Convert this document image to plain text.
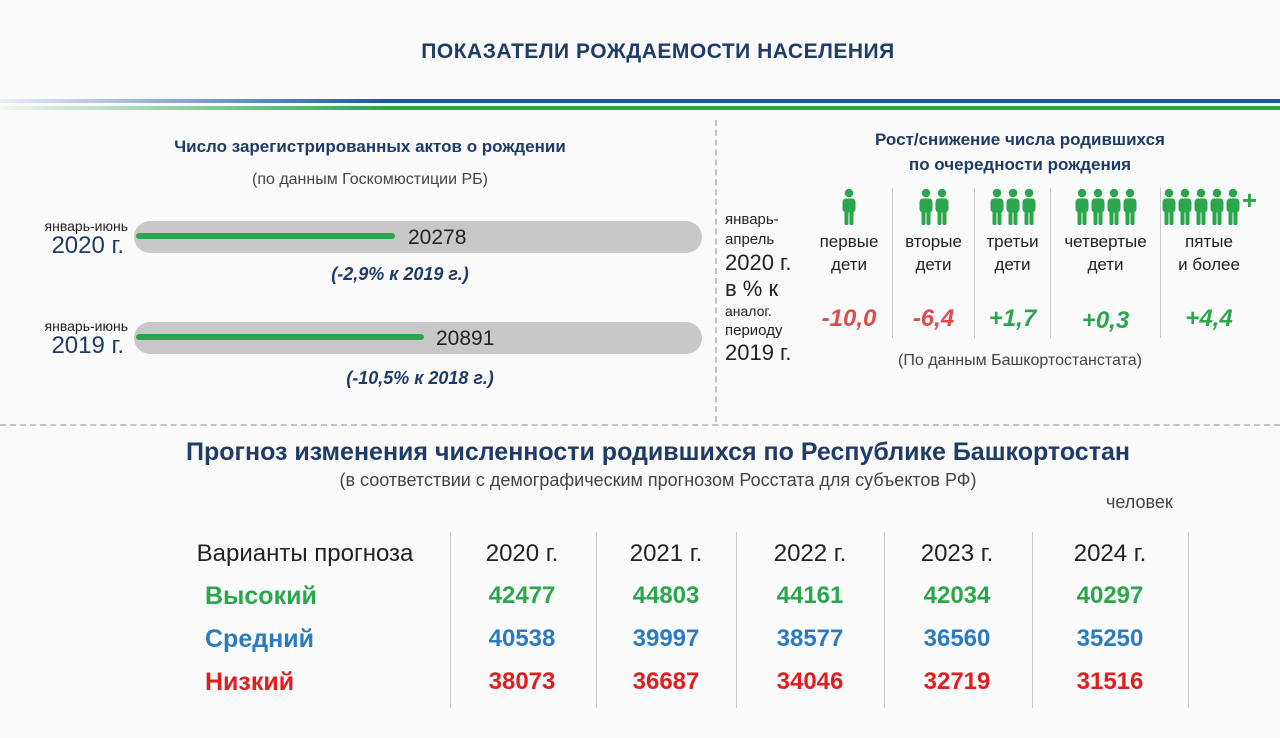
ПОКАЗАТЕЛИ РОЖДАЕМОСТИ НАСЕЛЕНИЯ
Число зарегистрированных актов о рождении
(по данным Госкомюстиции РБ)
январь-июнь
2020 г.	20278
(-2,9% к 2019 г.)
январь-июнь
2019 г.	20891
(-10,5% к 2018 г.)
Рост/снижение числа родившихся
по очередности рождения
январь-
апрель
2020 г.
в % к
аналог.
периоду
2019 г.
первые
дети
-10,0
вторые
дети
-6,4
третьи
дети
+1,7
четвертые
дети
+0,3
+
пятые
и более
+4,4
(По данным Башкортостанстата)
Прогноз изменения численности родившихся по Республике Башкортостан
(в соответствии с демографическим прогнозом Росстата для субъектов РФ)
человек
Варианты прогноза	2020 г.	2021 г.	2022 г.	2023 г.	2024 г.
Высокий	42477	44803	44161	42034	40297
Средний	40538	39997	38577	36560	35250
Низкий	38073	36687	34046	32719	31516
